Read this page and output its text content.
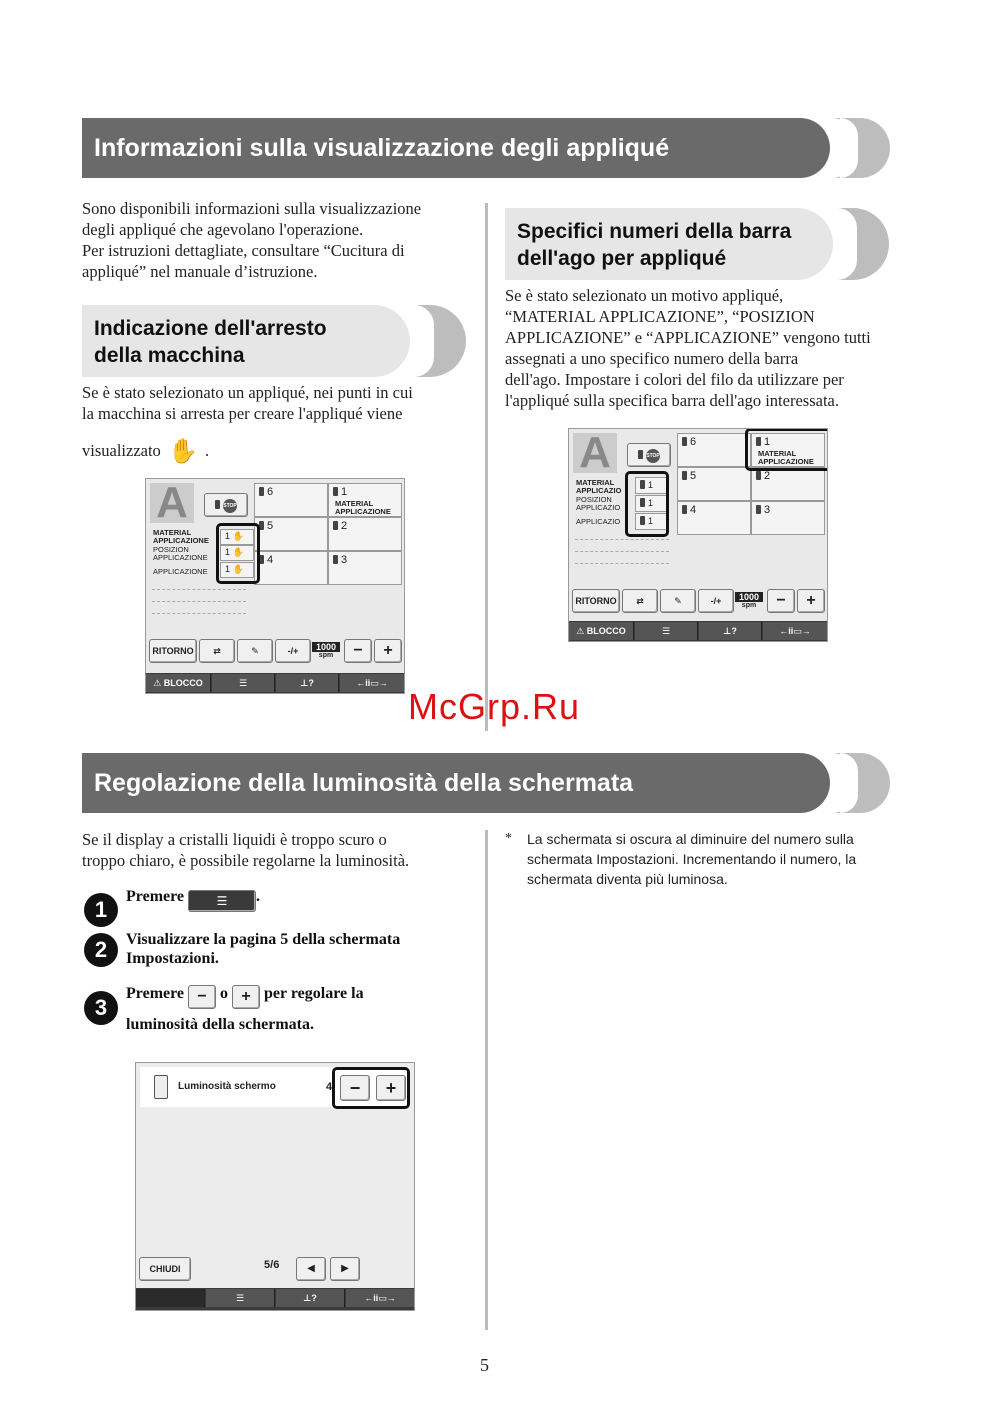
Informazioni sulla visualizzazione degli appliqué
Sono disponibili informazioni sulla visualizzazione
degli appliqué che agevolano l'operazione.
Per istruzioni dettagliate, consultare “Cucitura di
appliqué” nel manuale d’istruzione.
Indicazione dell'arresto
della macchina
Se è stato selezionato un appliqué, nei punti in cui
la macchina si arresta per creare l'appliqué viene
visualizzato ✋ .
A	STOP
6	1
MATERIAL
APPLICAZIONE
5	2
4	3
MATERIAL
APPLICAZIONE
POSIZION
APPLICAZIONE
APPLICAZIONE
1 ✋
1 ✋
1 ✋
RITORNO	⇄	✎	-/+	1000
spm	−	+
⚠ BLOCCO	☰	⊥?	←ii▭→
Specifici numeri della barra
dell'ago per appliqué
Se è stato selezionato un motivo appliqué,
“MATERIAL APPLICAZIONE”, “POSIZION
APPLICAZIONE” e “APPLICAZIONE” vengono tutti
assegnati a uno specifico numero della barra
dell'ago. Impostare i colori del filo da utilizzare per
l'appliqué sulla specifica barra dell'ago interessata.
A	STOP
6	1
MATERIAL
APPLICAZIONE
5	2
4	3
MATERIAL
APPLICAZIO
POSIZION
APPLICAZIO
APPLICAZIO
1
1
1
RITORNO	⇄	✎	-/+	1000
spm	−	+
⚠ BLOCCO	☰	⊥?	←ii▭→
McGrp.Ru
Regolazione della luminosità della schermata
Se il display a cristalli liquidi è troppo scuro o
troppo chiaro, è possibile regolarne la luminosità.
1
Premere	☰ .
2	Visualizzare la pagina 5 della schermata
Impostazioni.
3
Premere − o + per regolare la
luminosità della schermata.
* La schermata si oscura al diminuire del numero sulla
schermata Impostazioni. Incrementando il numero, la
schermata diventa più luminosa.
Luminosità schermo	4 −	+
CHIUDI	5/6	◀	▶
☰	⊥?	←ii▭→
5
